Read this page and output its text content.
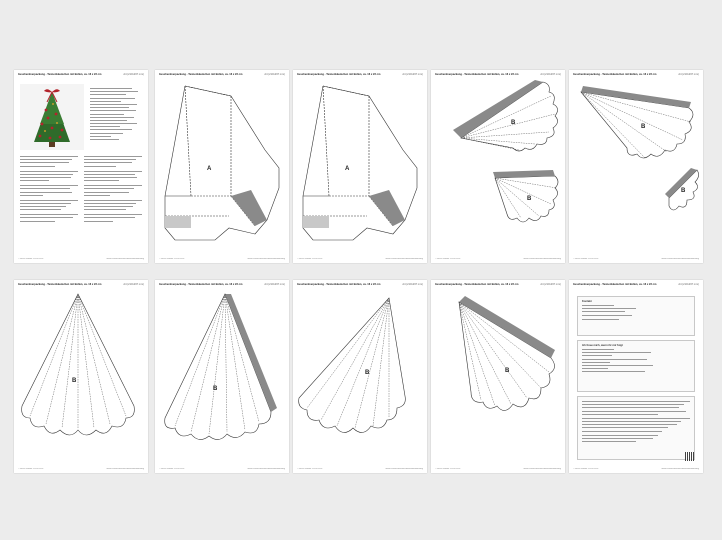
Geschenkverpackung - Tannenbäumchen mit Bollen, ca. 16 x 22 cm	A4 (210x297 mm)
© Ernst Wetter 2019-2024	www.schachtelsalat.de/bastelanleitung
Geschenkverpackung - Tannenbäumchen mit Bollen, ca. 16 x 22 cm	A4 (210x297 mm)
A
© Ernst Wetter 2019-2024	www.schachtelsalat.de/bastelanleitung
Geschenkverpackung - Tannenbäumchen mit Bollen, ca. 16 x 22 cm	A4 (210x297 mm)
A
© Ernst Wetter 2019-2024	www.schachtelsalat.de/bastelanleitung
Geschenkverpackung - Tannenbäumchen mit Bollen, ca. 16 x 22 cm	A4 (210x297 mm)
B
B
© Ernst Wetter 2019-2024	www.schachtelsalat.de/bastelanleitung
Geschenkverpackung - Tannenbäumchen mit Bollen, ca. 16 x 22 cm	A4 (210x297 mm)
B
B
© Ernst Wetter 2019-2024	www.schachtelsalat.de/bastelanleitung
Geschenkverpackung - Tannenbäumchen mit Bollen, ca. 16 x 22 cm	A4 (210x297 mm)
B
© Ernst Wetter 2019-2024	www.schachtelsalat.de/bastelanleitung
Geschenkverpackung - Tannenbäumchen mit Bollen, ca. 16 x 22 cm	A4 (210x297 mm)
B
© Ernst Wetter 2019-2024	www.schachtelsalat.de/bastelanleitung
Geschenkverpackung - Tannenbäumchen mit Bollen, ca. 16 x 22 cm	A4 (210x297 mm)
B
© Ernst Wetter 2019-2024	www.schachtelsalat.de/bastelanleitung
Geschenkverpackung - Tannenbäumchen mit Bollen, ca. 16 x 22 cm	A4 (210x297 mm)
B
© Ernst Wetter 2019-2024	www.schachtelsalat.de/bastelanleitung
Geschenkverpackung - Tannenbäumchen mit Bollen, ca. 16 x 22 cm	A4 (210x297 mm)
Kontakt
Ich freue mich, wenn ihr mir folgt
© Ernst Wetter 2019-2024	www.schachtelsalat.de/bastelanleitung
